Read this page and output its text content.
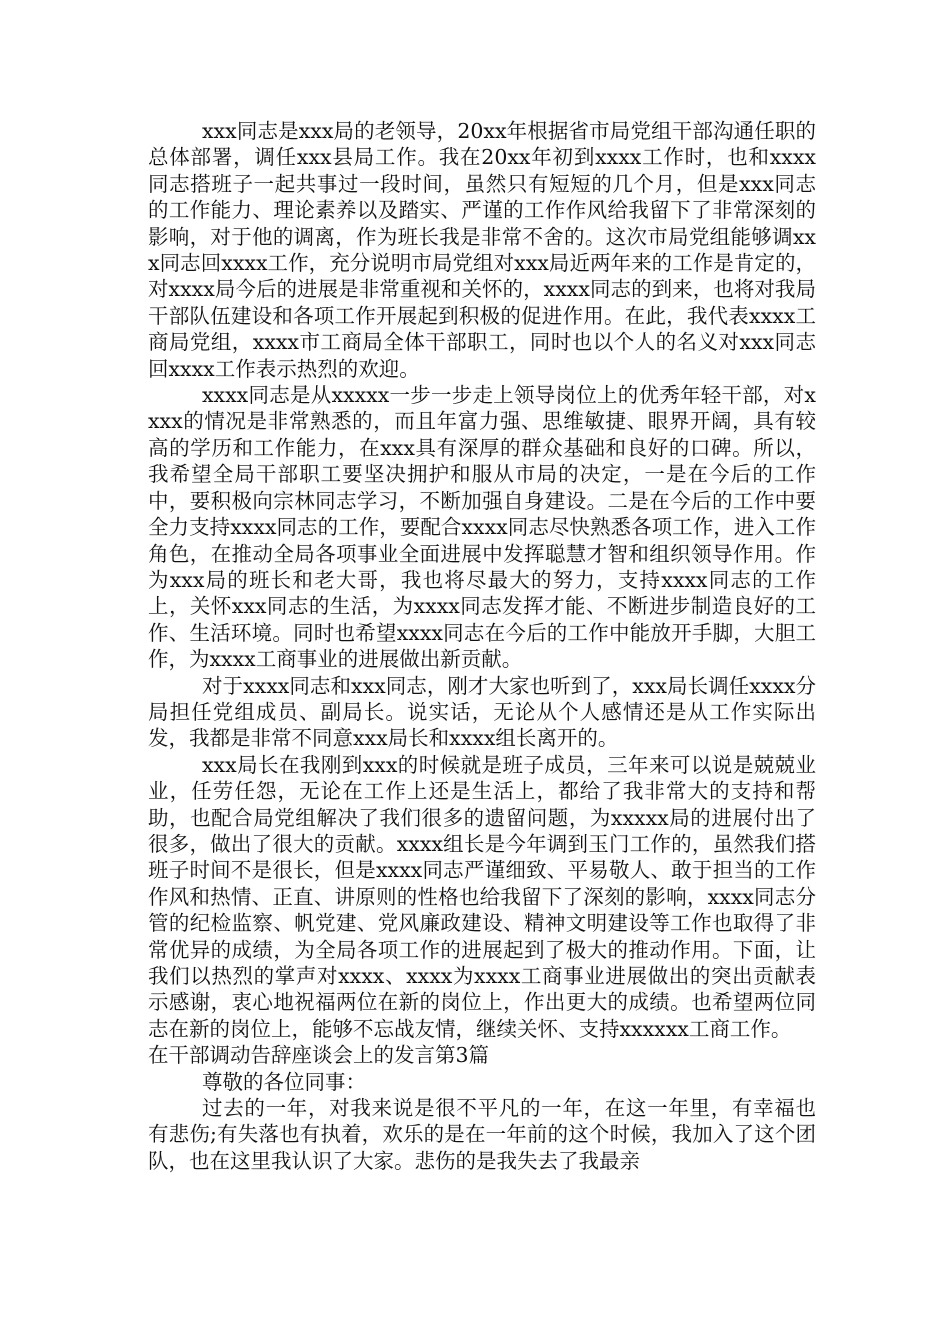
xxx同志是xxx局的老领导，20xx年根据省市局党组干部沟通任职的总体部署，调任xxx县局工作。我在20xx年初到xxxx工作时，也和xxxx同志搭班子一起共事过一段时间，虽然只有短短的几个月，但是xxx同志的工作能力、理论素养以及踏实、严谨的工作作风给我留下了非常深刻的影响，对于他的调离，作为班长我是非常不舍的。这次市局党组能够调xxx同志回xxxx工作，充分说明市局党组对xxx局近两年来的工作是肯定的，对xxxx局今后的进展是非常重视和关怀的，xxxx同志的到来，也将对我局干部队伍建设和各项工作开展起到积极的促进作用。在此，我代表xxxx工商局党组，xxxx市工商局全体干部职工，同时也以个人的名义对xxx同志回xxxx工作表示热烈的欢迎。

xxxx同志是从xxxxx一步一步走上领导岗位上的优秀年轻干部，对xxxx的情况是非常熟悉的，而且年富力强、思维敏捷、眼界开阔，具有较高的学历和工作能力，在xxx具有深厚的群众基础和良好的口碑。所以，我希望全局干部职工要坚决拥护和服从市局的决定，一是在今后的工作中，要积极向宗林同志学习，不断加强自身建设。二是在今后的工作中要全力支持xxxx同志的工作，要配合xxxx同志尽快熟悉各项工作，进入工作角色，在推动全局各项事业全面进展中发挥聪慧才智和组织领导作用。作为xxx局的班长和老大哥，我也将尽最大的努力，支持xxxx同志的工作上，关怀xxx同志的生活，为xxxx同志发挥才能、不断进步制造良好的工作、生活环境。同时也希望xxxx同志在今后的工作中能放开手脚，大胆工作，为xxxx工商事业的进展做出新贡献。

对于xxxx同志和xxx同志，刚才大家也听到了，xxx局长调任xxxx分局担任党组成员、副局长。说实话，无论从个人感情还是从工作实际出发，我都是非常不同意xxx局长和xxxx组长离开的。

xxx局长在我刚到xxx的时候就是班子成员，三年来可以说是兢兢业业，任劳任怨，无论在工作上还是生活上，都给了我非常大的支持和帮助，也配合局党组解决了我们很多的遗留问题，为xxxxx局的进展付出了很多，做出了很大的贡献。xxxx组长是今年调到玉门工作的，虽然我们搭班子时间不是很长，但是xxxx同志严谨细致、平易敬人、敢于担当的工作作风和热情、正直、讲原则的性格也给我留下了深刻的影响，xxxx同志分管的纪检监察、帆党建、党风廉政建设、精神文明建设等工作也取得了非常优异的成绩，为全局各项工作的进展起到了极大的推动作用。下面，让我们以热烈的掌声对xxxx、xxxx为xxxx工商事业进展做出的突出贡献表示感谢，衷心地祝福两位在新的岗位上，作出更大的成绩。也希望两位同志在新的岗位上，能够不忘战友情，继续关怀、支持xxxxxx工商工作。

在干部调动告辞座谈会上的发言第3篇

尊敬的各位同事：

过去的一年，对我来说是很不平凡的一年，在这一年里，有幸福也有悲伤;有失落也有执着，欢乐的是在一年前的这个时候，我加入了这个团队，也在这里我认识了大家。悲伤的是我失去了我最亲
